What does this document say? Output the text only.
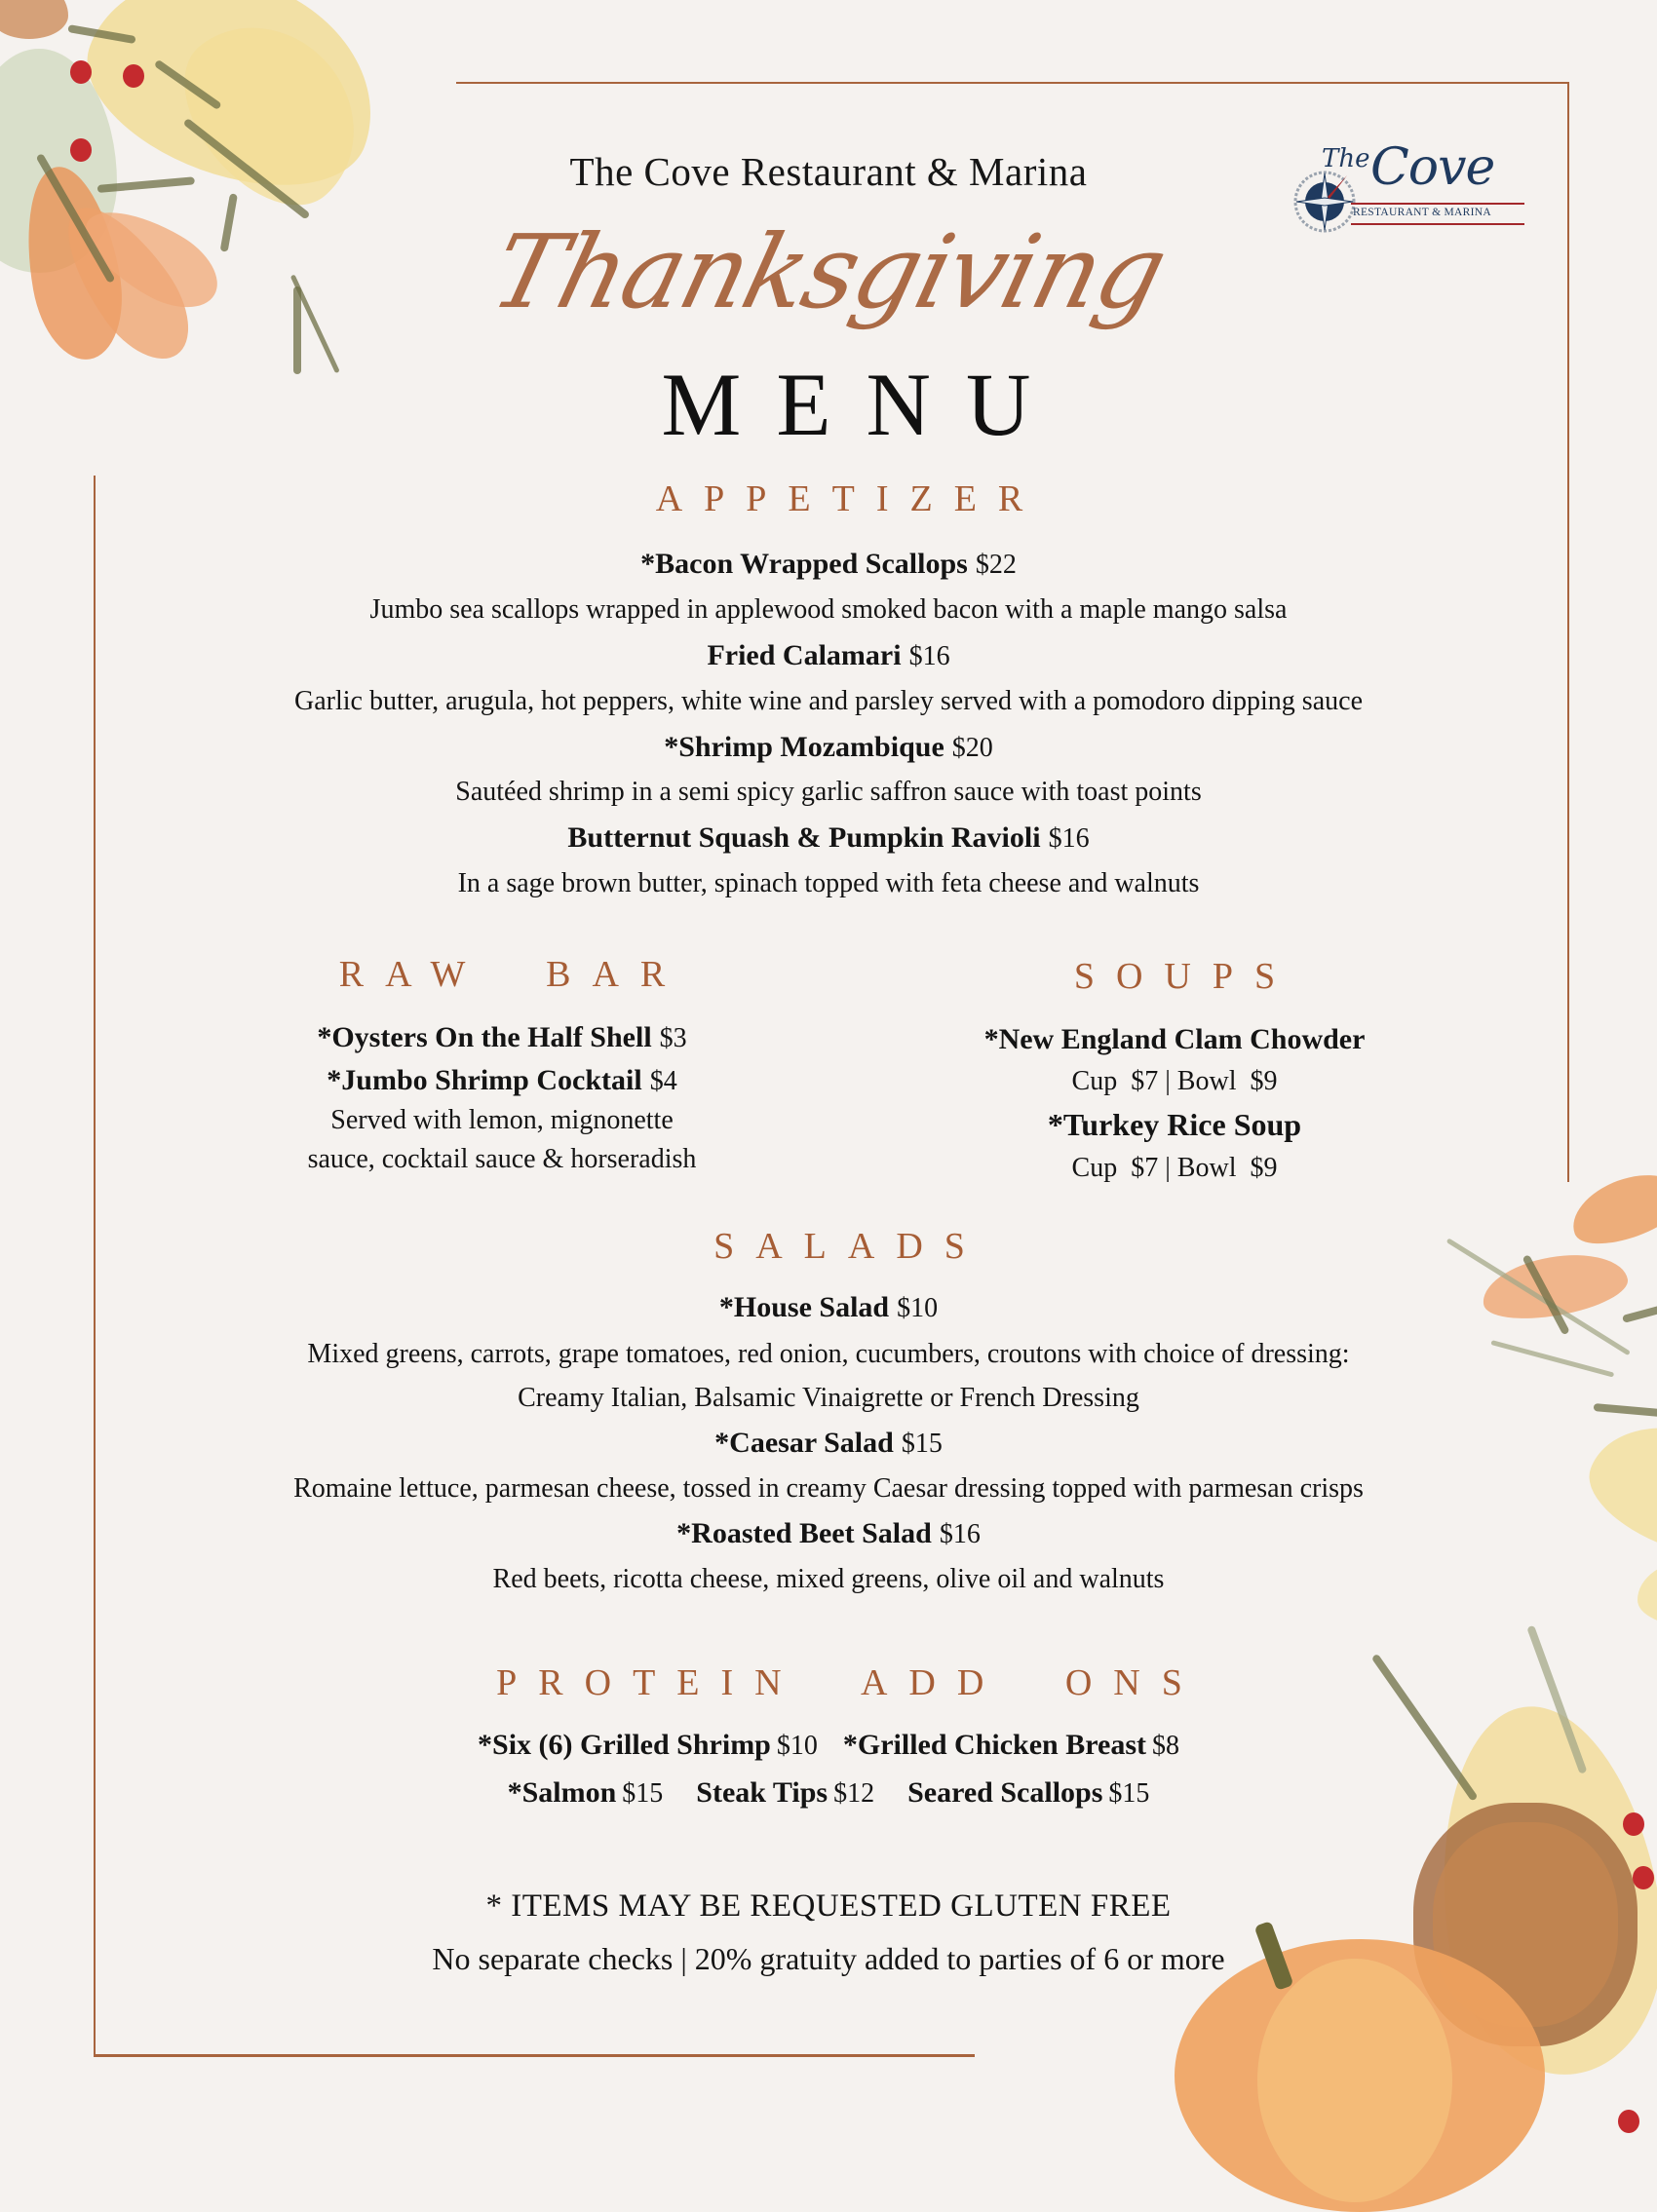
The Cove Restaurant & Marina
Thanksgiving
MENU
The Cove
RESTAURANT & MARINA
APPETIZER
*Bacon Wrapped Scallops $22
Jumbo sea scallops wrapped in applewood smoked bacon with a maple mango salsa
Fried Calamari $16
Garlic butter, arugula, hot peppers, white wine and parsley served with a pomodoro dipping sauce
*Shrimp Mozambique $20
Sautéed shrimp in a semi spicy garlic saffron sauce with toast points
Butternut Squash & Pumpkin Ravioli $16
In a sage brown butter, spinach topped with feta cheese and walnuts
RAW BAR
*Oysters On the Half Shell $3
*Jumbo Shrimp Cocktail $4
Served with lemon, mignonette
sauce, cocktail sauce & horseradish
SOUPS
*New England Clam Chowder
Cup  $7 | Bowl  $9
*Turkey Rice Soup
Cup  $7 | Bowl  $9
SALADS
*House Salad $10
Mixed greens, carrots, grape tomatoes, red onion, cucumbers, croutons with choice of dressing:
Creamy Italian, Balsamic Vinaigrette or French Dressing
*Caesar Salad $15
Romaine lettuce, parmesan cheese, tossed in creamy Caesar dressing topped with parmesan crisps
*Roasted Beet Salad $16
Red beets, ricotta cheese, mixed greens, olive oil and walnuts
PROTEIN ADD ONS
*Six (6) Grilled Shrimp $10 *Grilled Chicken Breast $8
*Salmon $15 Steak Tips $12 Seared Scallops $15
* ITEMS MAY BE REQUESTED GLUTEN FREE
No separate checks | 20% gratuity added to parties of 6 or more
